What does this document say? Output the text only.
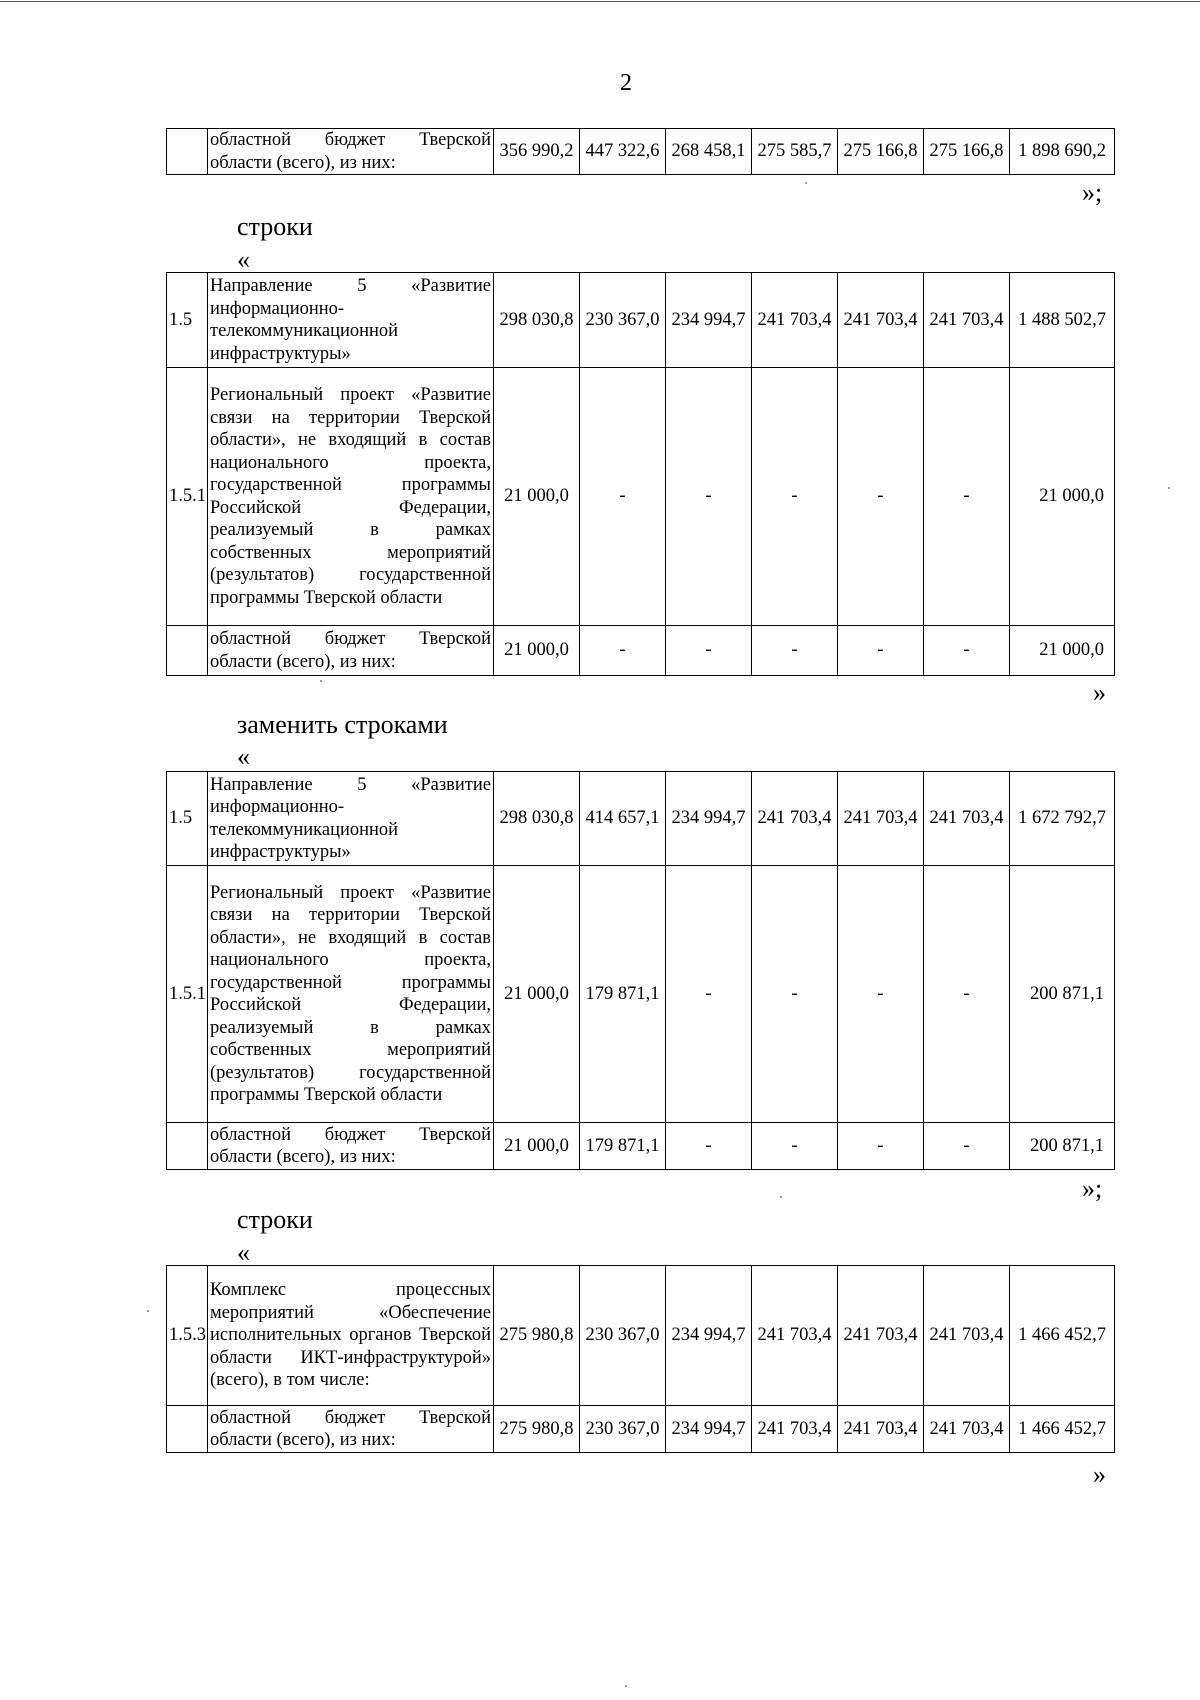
2
	областной бюджет Тверской области (всего), из них:	356 990,2	447 322,6	268 458,1	275 585,7	275 166,8	275 166,8	1 898 690,2
»;
строки
«
1.5	Направление 5 «Развитие информационно-телекоммуникационной инфраструктуры»	298 030,8	230 367,0	234 994,7	241 703,4	241 703,4	241 703,4	1 488 502,7
1.5.1	Региональный проект «Развитие связи на территории Тверской области», не входящий в состав национального проекта, государственной программы Российской Федерации, реализуемый в рамках собственных мероприятий (результатов) государственной программы Тверской области	21 000,0	-	-	-	-	-	21 000,0
	областной бюджет Тверской области (всего), из них:	21 000,0	-	-	-	-	-	21 000,0
»
заменить строками
«
1.5	Направление 5 «Развитие информационно-телекоммуникационной инфраструктуры»	298 030,8	414 657,1	234 994,7	241 703,4	241 703,4	241 703,4	1 672 792,7
1.5.1	Региональный проект «Развитие связи на территории Тверской области», не входящий в состав национального проекта, государственной программы Российской Федерации, реализуемый в рамках собственных мероприятий (результатов) государственной программы Тверской области	21 000,0	179 871,1	-	-	-	-	200 871,1
	областной бюджет Тверской области (всего), из них:	21 000,0	179 871,1	-	-	-	-	200 871,1
»;
строки
«
1.5.3	Комплекс процессных мероприятий «Обеспечение исполнительных органов Тверской области ИКТ-инфраструктурой» (всего), в том числе:	275 980,8	230 367,0	234 994,7	241 703,4	241 703,4	241 703,4	1 466 452,7
	областной бюджет Тверской области (всего), из них:	275 980,8	230 367,0	234 994,7	241 703,4	241 703,4	241 703,4	1 466 452,7
»
